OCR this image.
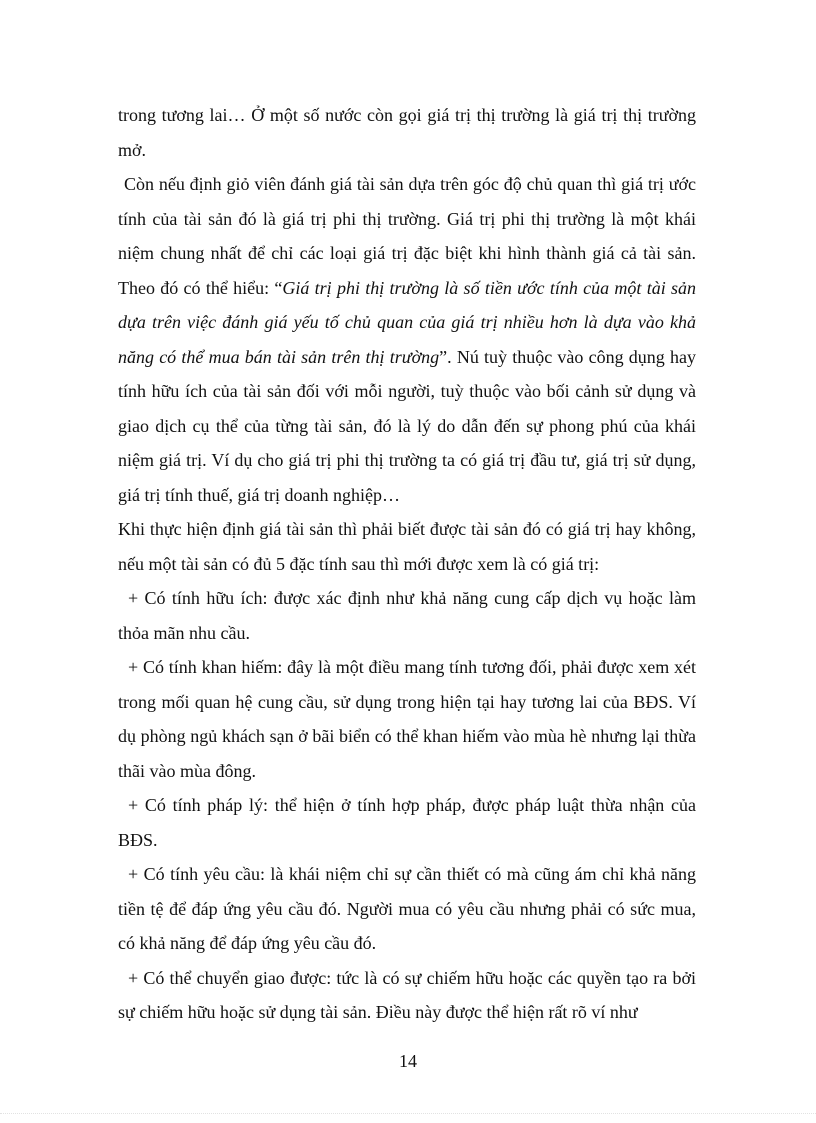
trong tương lai… Ở một số nước còn gọi giá trị thị trường là giá trị thị trường mở.

Còn nếu định giỏ viên đánh giá tài sản dựa trên góc độ chủ quan thì giá trị ước tính của tài sản đó là giá trị phi thị trường. Giá trị phi thị trường là một khái niệm chung nhất để chỉ các loại giá trị đặc biệt khi hình thành giá cả tài sản. Theo đó có thể hiểu: “Giá trị phi thị trường là số tiền ước tính của một tài sản dựa trên việc đánh giá yếu tố chủ quan của giá trị nhiều hơn là dựa vào khả năng có thể mua bán tài sản trên thị trường”. Nú tuỳ thuộc vào công dụng hay tính hữu ích của tài sản đối với mỗi người, tuỳ thuộc vào bối cảnh sử dụng và giao dịch cụ thể của từng tài sản, đó là lý do dẫn đến sự phong phú của khái niệm giá trị. Ví dụ cho giá trị phi thị trường ta có giá trị đầu tư, giá trị sử dụng, giá trị tính thuế, giá trị doanh nghiệp…

Khi thực hiện định giá tài sản thì phải biết được tài sản đó có giá trị hay không, nếu một tài sản có đủ 5 đặc tính sau thì mới được xem là có giá trị:

+ Có tính hữu ích: được xác định như khả năng cung cấp dịch vụ hoặc làm thỏa mãn nhu cầu.

+ Có tính khan hiếm: đây là một điều mang tính tương đối, phải được xem xét trong mối quan hệ cung cầu, sử dụng trong hiện tại hay tương lai của BĐS. Ví dụ phòng ngủ khách sạn ở bãi biển có thể khan hiếm vào mùa hè nhưng lại thừa thãi vào mùa đông.

+ Có tính pháp lý: thể hiện ở tính hợp pháp, được pháp luật thừa nhận của BĐS.

+ Có tính yêu cầu: là khái niệm chỉ sự cần thiết có mà cũng ám chỉ khả năng tiền tệ để đáp ứng yêu cầu đó. Người mua có yêu cầu nhưng phải có sức mua, có khả năng để đáp ứng yêu cầu đó.

+ Có thể chuyển giao được: tức là có sự chiếm hữu hoặc các quyền tạo ra bởi sự chiếm hữu hoặc sử dụng tài sản. Điều này được thể hiện rất rõ ví như

14
